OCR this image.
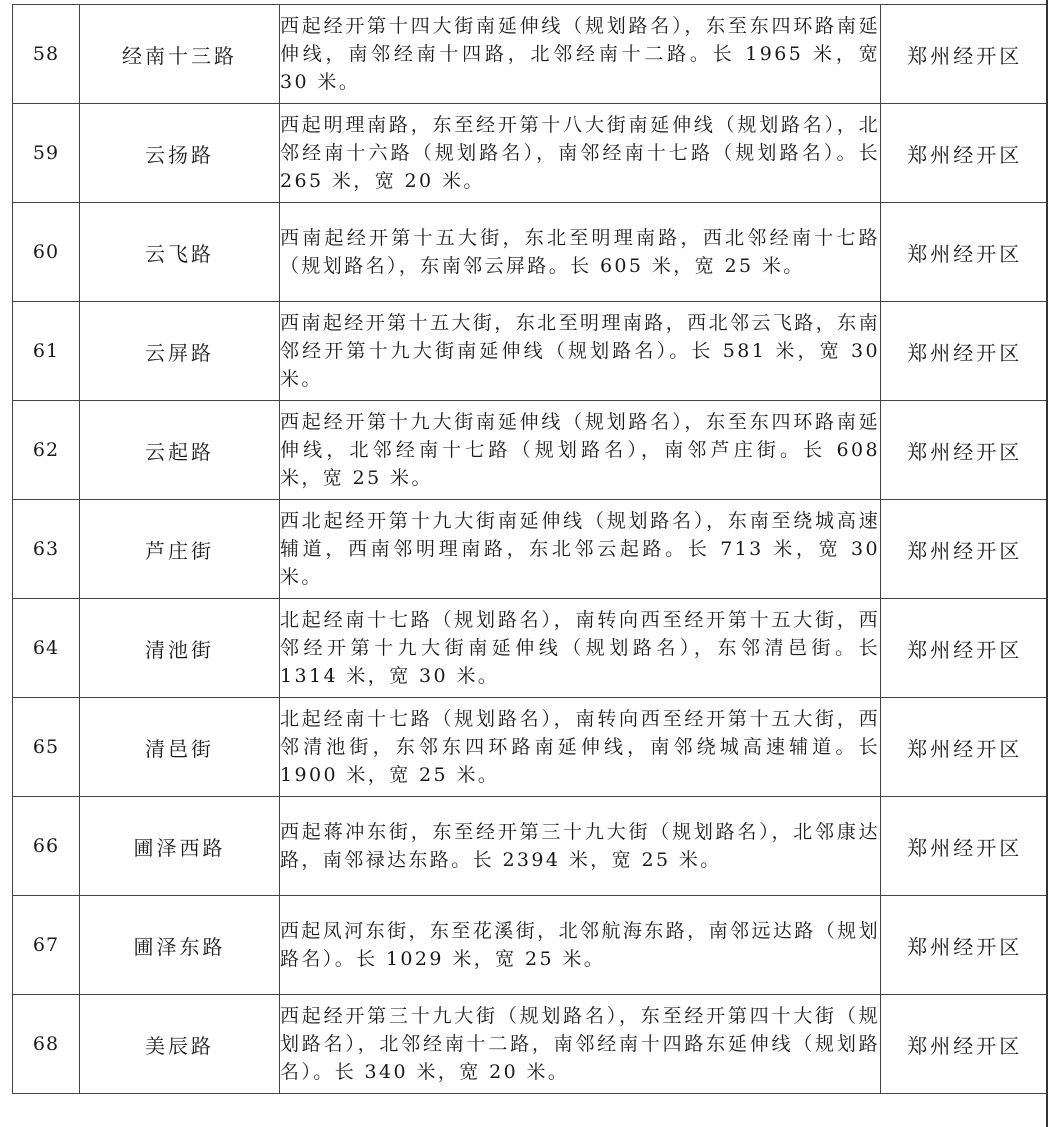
58	经南十三路	西起经开第十四大街南延伸线（规划路名），东至东四环路南延伸线，南邻经南十四路，北邻经南十二路。长 1965 米，宽 30 米。	郑州经开区
59	云扬路	西起明理南路，东至经开第十八大街南延伸线（规划路名），北邻经南十六路（规划路名），南邻经南十七路（规划路名）。长 265 米，宽 20 米。	郑州经开区
60	云飞路	西南起经开第十五大街，东北至明理南路，西北邻经南十七路（规划路名），东南邻云屏路。长 605 米，宽 25 米。	郑州经开区
61	云屏路	西南起经开第十五大街，东北至明理南路，西北邻云飞路，东南邻经开第十九大街南延伸线（规划路名）。长 581 米，宽 30 米。	郑州经开区
62	云起路	西起经开第十九大街南延伸线（规划路名），东至东四环路南延伸线，北邻经南十七路（规划路名），南邻芦庄街。长 608 米，宽 25 米。	郑州经开区
63	芦庄街	西北起经开第十九大街南延伸线（规划路名），东南至绕城高速辅道，西南邻明理南路，东北邻云起路。长 713 米，宽 30 米。	郑州经开区
64	清池街	北起经南十七路（规划路名），南转向西至经开第十五大街，西邻经开第十九大街南延伸线（规划路名），东邻清邑街。长 1314 米，宽 30 米。	郑州经开区
65	清邑街	北起经南十七路（规划路名），南转向西至经开第十五大街，西邻清池街，东邻东四环路南延伸线，南邻绕城高速辅道。长 1900 米，宽 25 米。	郑州经开区
66	圃泽西路	西起蒋冲东街，东至经开第三十九大街（规划路名），北邻康达路，南邻禄达东路。长 2394 米，宽 25 米。	郑州经开区
67	圃泽东路	西起凤河东街，东至花溪街，北邻航海东路，南邻远达路（规划路名）。长 1029 米，宽 25 米。	郑州经开区
68	美辰路	西起经开第三十九大街（规划路名），东至经开第四十大街（规划路名），北邻经南十二路，南邻经南十四路东延伸线（规划路名）。长 340 米，宽 20 米。	郑州经开区
